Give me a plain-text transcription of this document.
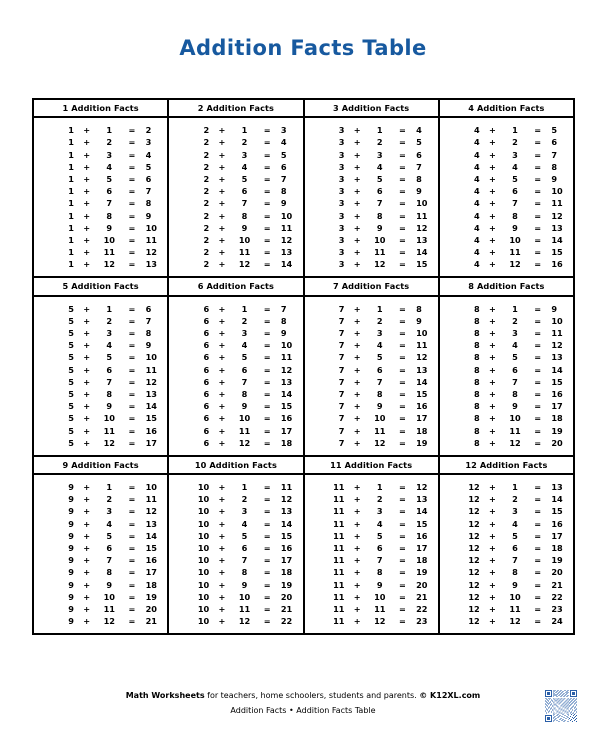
Addition Facts Table
1 Addition Facts
1	+	1	=	2
1	+	2	=	3
1	+	3	=	4
1	+	4	=	5
1	+	5	=	6
1	+	6	=	7
1	+	7	=	8
1	+	8	=	9
1	+	9	=	10
1	+	10	=	11
1	+	11	=	12
1	+	12	=	13
2 Addition Facts
2	+	1	=	3
2	+	2	=	4
2	+	3	=	5
2	+	4	=	6
2	+	5	=	7
2	+	6	=	8
2	+	7	=	9
2	+	8	=	10
2	+	9	=	11
2	+	10	=	12
2	+	11	=	13
2	+	12	=	14
3 Addition Facts
3	+	1	=	4
3	+	2	=	5
3	+	3	=	6
3	+	4	=	7
3	+	5	=	8
3	+	6	=	9
3	+	7	=	10
3	+	8	=	11
3	+	9	=	12
3	+	10	=	13
3	+	11	=	14
3	+	12	=	15
4 Addition Facts
4	+	1	=	5
4	+	2	=	6
4	+	3	=	7
4	+	4	=	8
4	+	5	=	9
4	+	6	=	10
4	+	7	=	11
4	+	8	=	12
4	+	9	=	13
4	+	10	=	14
4	+	11	=	15
4	+	12	=	16
5 Addition Facts
5	+	1	=	6
5	+	2	=	7
5	+	3	=	8
5	+	4	=	9
5	+	5	=	10
5	+	6	=	11
5	+	7	=	12
5	+	8	=	13
5	+	9	=	14
5	+	10	=	15
5	+	11	=	16
5	+	12	=	17
6 Addition Facts
6	+	1	=	7
6	+	2	=	8
6	+	3	=	9
6	+	4	=	10
6	+	5	=	11
6	+	6	=	12
6	+	7	=	13
6	+	8	=	14
6	+	9	=	15
6	+	10	=	16
6	+	11	=	17
6	+	12	=	18
7 Addition Facts
7	+	1	=	8
7	+	2	=	9
7	+	3	=	10
7	+	4	=	11
7	+	5	=	12
7	+	6	=	13
7	+	7	=	14
7	+	8	=	15
7	+	9	=	16
7	+	10	=	17
7	+	11	=	18
7	+	12	=	19
8 Addition Facts
8	+	1	=	9
8	+	2	=	10
8	+	3	=	11
8	+	4	=	12
8	+	5	=	13
8	+	6	=	14
8	+	7	=	15
8	+	8	=	16
8	+	9	=	17
8	+	10	=	18
8	+	11	=	19
8	+	12	=	20
9 Addition Facts
9	+	1	=	10
9	+	2	=	11
9	+	3	=	12
9	+	4	=	13
9	+	5	=	14
9	+	6	=	15
9	+	7	=	16
9	+	8	=	17
9	+	9	=	18
9	+	10	=	19
9	+	11	=	20
9	+	12	=	21
10 Addition Facts
10	+	1	=	11
10	+	2	=	12
10	+	3	=	13
10	+	4	=	14
10	+	5	=	15
10	+	6	=	16
10	+	7	=	17
10	+	8	=	18
10	+	9	=	19
10	+	10	=	20
10	+	11	=	21
10	+	12	=	22
11 Addition Facts
11	+	1	=	12
11	+	2	=	13
11	+	3	=	14
11	+	4	=	15
11	+	5	=	16
11	+	6	=	17
11	+	7	=	18
11	+	8	=	19
11	+	9	=	20
11	+	10	=	21
11	+	11	=	22
11	+	12	=	23
12 Addition Facts
12	+	1	=	13
12	+	2	=	14
12	+	3	=	15
12	+	4	=	16
12	+	5	=	17
12	+	6	=	18
12	+	7	=	19
12	+	8	=	20
12	+	9	=	21
12	+	10	=	22
12	+	11	=	23
12	+	12	=	24
Math Worksheets for teachers, home schoolers, students and parents. © K12XL.com
Addition Facts • Addition Facts Table
